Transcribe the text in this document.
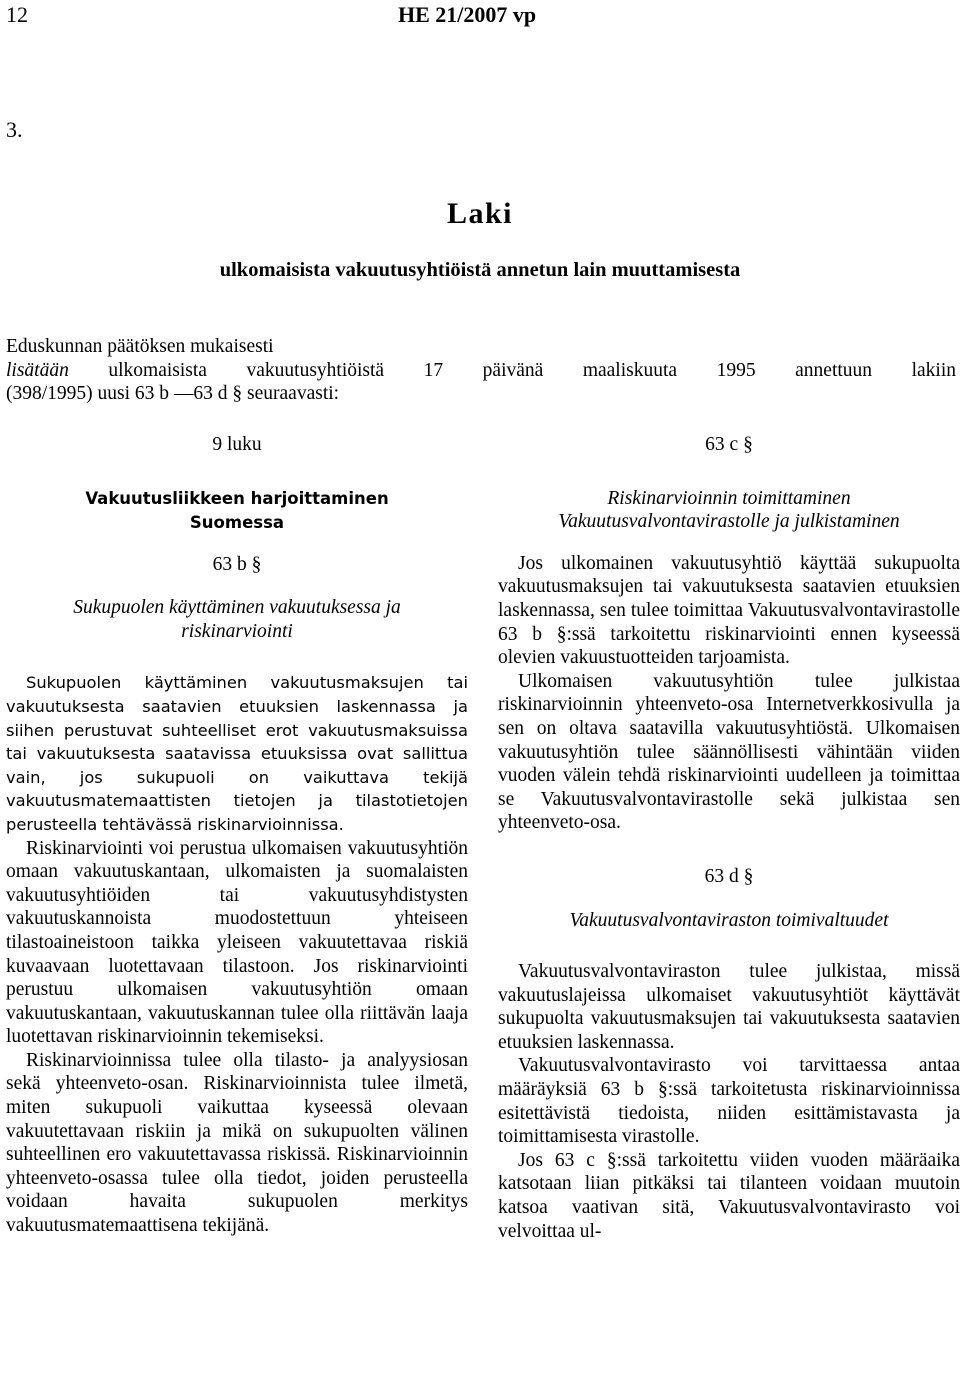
12	HE 21/2007 vp
3.
Laki
ulkomaisista vakuutusyhtiöistä annetun lain muuttamisesta
Eduskunnan päätöksen mukaisesti
lisätään ulkomaisista vakuutusyhtiöistä 17 päivänä maaliskuuta 1995 annettuun lakiin
(398/1995) uusi 63 b —63 d § seuraavasti:
9 luku
Vakuutusliikkeen harjoittaminen Suomessa
63 b §
Sukupuolen käyttäminen vakuutuksessa ja riskinarviointi
Sukupuolen käyttäminen vakuutusmaksujen tai vakuutuksesta saatavien etuuksien laskennassa ja siihen perustuvat suhteelliset erot vakuutusmaksuissa tai vakuutuksesta saatavissa etuuksissa ovat sallittua vain, jos sukupuoli on vaikuttava tekijä vakuutusmatemaattisten tietojen ja tilastotietojen perusteella tehtävässä riskinarvioinnissa.
Riskinarviointi voi perustua ulkomaisen vakuutusyhtiön omaan vakuutuskantaan, ulkomaisten ja suomalaisten vakuutusyhtiöiden tai vakuutusyhdistysten vakuutuskannoista muodostettuun yhteiseen tilastoaineistoon taikka yleiseen vakuutettavaa riskiä kuvaavaan luotettavaan tilastoon. Jos riskinarviointi perustuu ulkomaisen vakuutusyhtiön omaan vakuutuskantaan, vakuutuskannan tulee olla riittävän laaja luotettavan riskinarvioinnin tekemiseksi.
Riskinarvioinnissa tulee olla tilasto- ja analyysiosan sekä yhteenveto-osan. Riskinarvioinnista tulee ilmetä, miten sukupuoli vaikuttaa kyseessä olevaan vakuutettavaan riskiin ja mikä on sukupuolten välinen suhteellinen ero vakuutettavassa riskissä. Riskinarvioinnin yhteenveto-osassa tulee olla tiedot, joiden perusteella voidaan havaita sukupuolen merkitys vakuutusmatemaattisena tekijänä.
63 c §
Riskinarvioinnin toimittaminen Vakuutusvalvontavirastolle ja julkistaminen
Jos ulkomainen vakuutusyhtiö käyttää sukupuolta vakuutusmaksujen tai vakuutuksesta saatavien etuuksien laskennassa, sen tulee toimittaa Vakuutusvalvontavirastolle 63 b §:ssä tarkoitettu riskinarviointi ennen kyseessä olevien vakuustuotteiden tarjoamista.
Ulkomaisen vakuutusyhtiön tulee julkistaa riskinarvioinnin yhteenveto-osa Internetverkkosivulla ja sen on oltava saatavilla vakuutusyhtiöstä. Ulkomaisen vakuutusyhtiön tulee säännöllisesti vähintään viiden vuoden välein tehdä riskinarviointi uudelleen ja toimittaa se Vakuutusvalvontavirastolle sekä julkistaa sen yhteenveto-osa.
63 d §
Vakuutusvalvontaviraston toimivaltuudet
Vakuutusvalvontaviraston tulee julkistaa, missä vakuutuslajeissa ulkomaiset vakuutusyhtiöt käyttävät sukupuolta vakuutusmaksujen tai vakuutuksesta saatavien etuuksien laskennassa.
Vakuutusvalvontavirasto voi tarvittaessa antaa määräyksiä 63 b §:ssä tarkoitetusta riskinarvioinnissa esitettävistä tiedoista, niiden esittämistavasta ja toimittamisesta virastolle.
Jos 63 c §:ssä tarkoitettu viiden vuoden määräaika katsotaan liian pitkäksi tai tilanteen voidaan muutoin katsoa vaativan sitä, Vakuutusvalvontavirasto voi velvoittaa ul-
